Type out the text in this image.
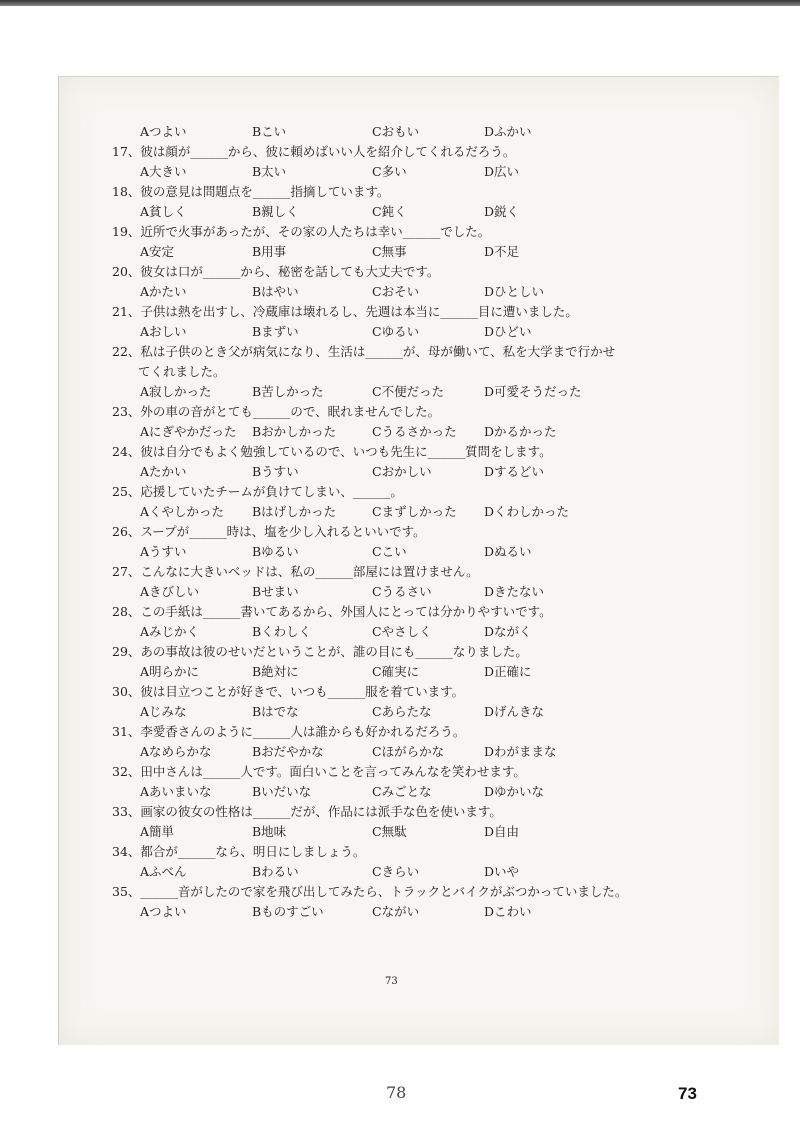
Aつよい	Bこい	Cおもい	Dふかい
17、彼は顔が______から、彼に頼めばいい人を紹介してくれるだろう。
A大きい	B太い	C多い	D広い
18、彼の意見は問題点を______指摘しています。
A貧しく	B親しく	C鈍く	D鋭く
19、近所で火事があったが、その家の人たちは幸い______でした。
A安定	B用事	C無事	D不足
20、彼女は口が______から、秘密を話しても大丈夫です。
Aかたい	Bはやい	Cおそい	Dひとしい
21、子供は熱を出すし、冷蔵庫は壊れるし、先週は本当に______目に遭いました。
Aおしい	Bまずい	Cゆるい	Dひどい
22、私は子供のとき父が病気になり、生活は______が、母が働いて、私を大学まで行かせ
てくれました。
A寂しかった	B苦しかった	C不便だった	D可愛そうだった
23、外の車の音がとても______ので、眠れませんでした。
Aにぎやかだった Bおかしかった	Cうるさかった Dかるかった
24、彼は自分でもよく勉強しているので、いつも先生に______質問をします。
Aたかい	Bうすい	Cおかしい	Dするどい
25、応援していたチームが負けてしまい、______。
Aくやしかった Bはげしかった	Cまずしかった Dくわしかった
26、スープが______時は、塩を少し入れるといいです。
Aうすい	Bゆるい	Cこい	Dぬるい
27、こんなに大きいベッドは、私の______部屋には置けません。
Aきびしい	Bせまい	Cうるさい	Dきたない
28、この手紙は______書いてあるから、外国人にとっては分かりやすいです。
Aみじかく	Bくわしく	Cやさしく	Dながく
29、あの事故は彼のせいだということが、誰の目にも______なりました。
A明らかに	B絶対に	C確実に	D正確に
30、彼は目立つことが好きで、いつも______服を着ています。
Aじみな	Bはでな	Cあらたな	Dげんきな
31、李愛香さんのように______人は誰からも好かれるだろう。
Aなめらかな	Bおだやかな	Cほがらかな	Dわがままな
32、田中さんは______人です。面白いことを言ってみんなを笑わせます。
Aあいまいな	Bいだいな	Cみごとな	Dゆかいな
33、画家の彼女の性格は______だが、作品には派手な色を使います。
A簡単	B地味	C無駄	D自由
34、都合が______なら、明日にしましょう。
Aふべん	Bわるい	Cきらい	Dいや
35、______音がしたので家を飛び出してみたら、トラックとバイクがぶつかっていました。
Aつよい	Bものすごい	Cながい	Dこわい
73
78	73
